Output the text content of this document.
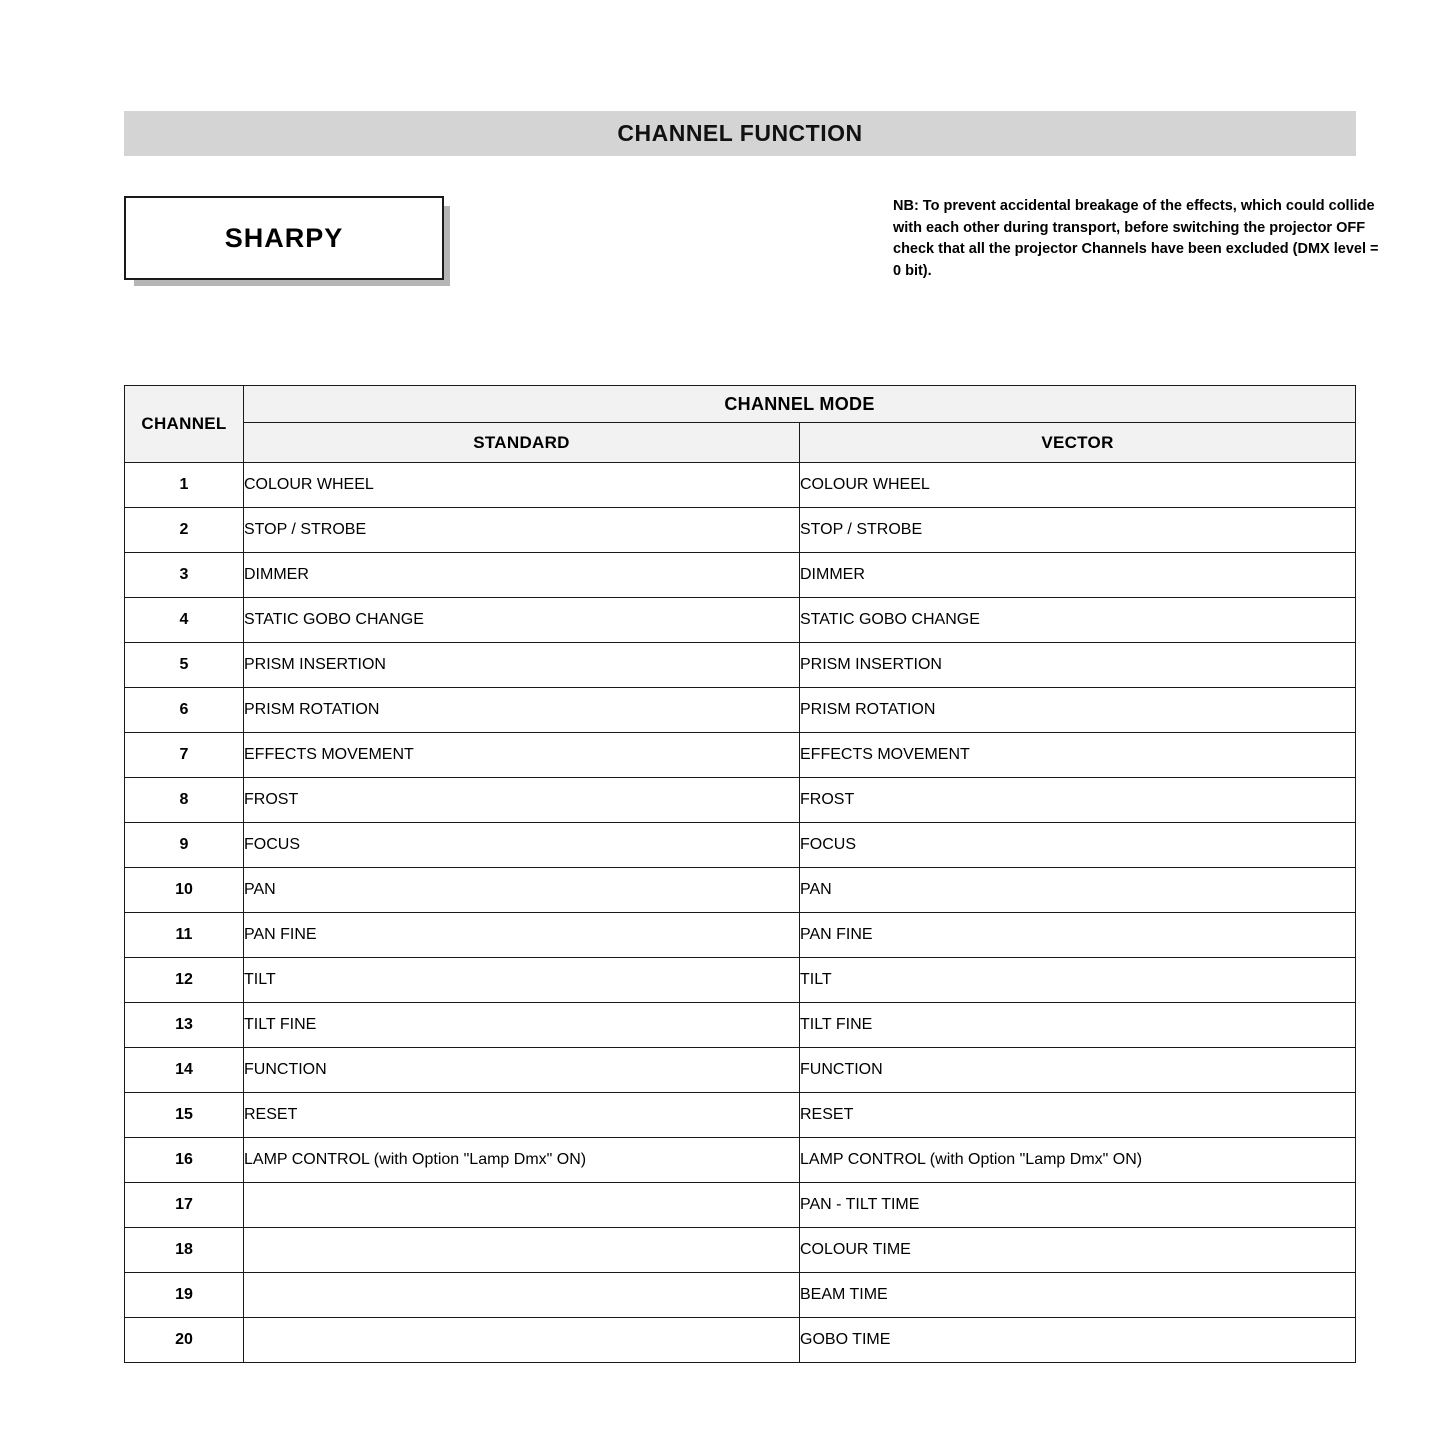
CHANNEL FUNCTION
SHARPY
NB: To prevent accidental breakage of the effects, which could collide with each other during transport, before switching the projector OFF check that all the projector Channels have been excluded (DMX level = 0 bit).
CHANNEL	CHANNEL MODE	
	STANDARD	VECTOR
1	COLOUR WHEEL	COLOUR WHEEL
2	STOP / STROBE	STOP / STROBE
3	DIMMER	DIMMER
4	STATIC GOBO CHANGE	STATIC GOBO CHANGE
5	PRISM INSERTION	PRISM INSERTION
6	PRISM ROTATION	PRISM ROTATION
7	EFFECTS MOVEMENT	EFFECTS MOVEMENT
8	FROST	FROST
9	FOCUS	FOCUS
10	PAN	PAN
11	PAN FINE	PAN FINE
12	TILT	TILT
13	TILT FINE	TILT FINE
14	FUNCTION	FUNCTION
15	RESET	RESET
16	LAMP CONTROL (with Option "Lamp Dmx" ON)	LAMP CONTROL (with Option "Lamp Dmx" ON)
17		PAN - TILT TIME
18		COLOUR TIME
19		BEAM TIME
20		GOBO TIME
